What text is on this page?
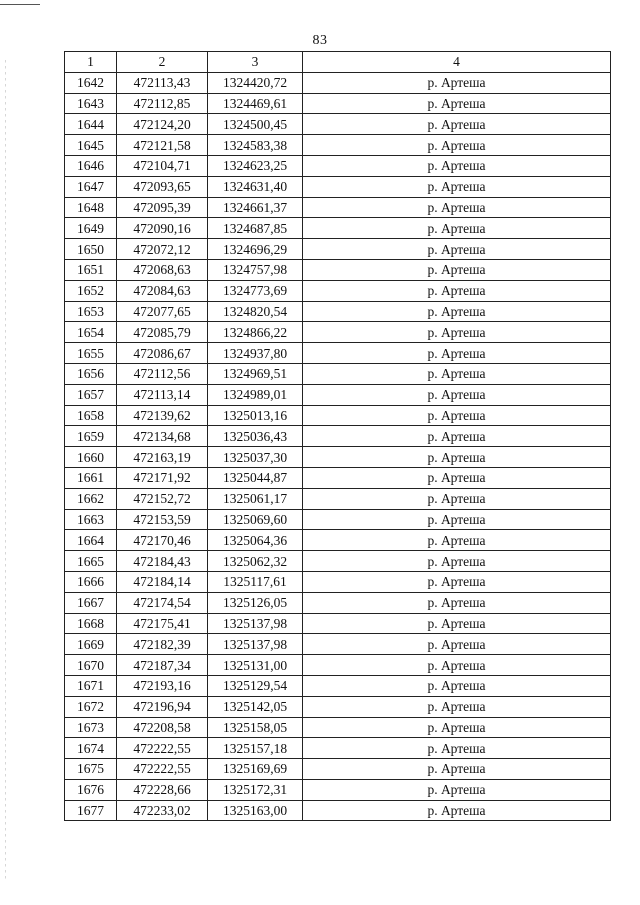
83
1	2	3	4
1642	472113,43	1324420,72	р. Артеша
1643	472112,85	1324469,61	р. Артеша
1644	472124,20	1324500,45	р. Артеша
1645	472121,58	1324583,38	р. Артеша
1646	472104,71	1324623,25	р. Артеша
1647	472093,65	1324631,40	р. Артеша
1648	472095,39	1324661,37	р. Артеша
1649	472090,16	1324687,85	р. Артеша
1650	472072,12	1324696,29	р. Артеша
1651	472068,63	1324757,98	р. Артеша
1652	472084,63	1324773,69	р. Артеша
1653	472077,65	1324820,54	р. Артеша
1654	472085,79	1324866,22	р. Артеша
1655	472086,67	1324937,80	р. Артеша
1656	472112,56	1324969,51	р. Артеша
1657	472113,14	1324989,01	р. Артеша
1658	472139,62	1325013,16	р. Артеша
1659	472134,68	1325036,43	р. Артеша
1660	472163,19	1325037,30	р. Артеша
1661	472171,92	1325044,87	р. Артеша
1662	472152,72	1325061,17	р. Артеша
1663	472153,59	1325069,60	р. Артеша
1664	472170,46	1325064,36	р. Артеша
1665	472184,43	1325062,32	р. Артеша
1666	472184,14	1325117,61	р. Артеша
1667	472174,54	1325126,05	р. Артеша
1668	472175,41	1325137,98	р. Артеша
1669	472182,39	1325137,98	р. Артеша
1670	472187,34	1325131,00	р. Артеша
1671	472193,16	1325129,54	р. Артеша
1672	472196,94	1325142,05	р. Артеша
1673	472208,58	1325158,05	р. Артеша
1674	472222,55	1325157,18	р. Артеша
1675	472222,55	1325169,69	р. Артеша
1676	472228,66	1325172,31	р. Артеша
1677	472233,02	1325163,00	р. Артеша
